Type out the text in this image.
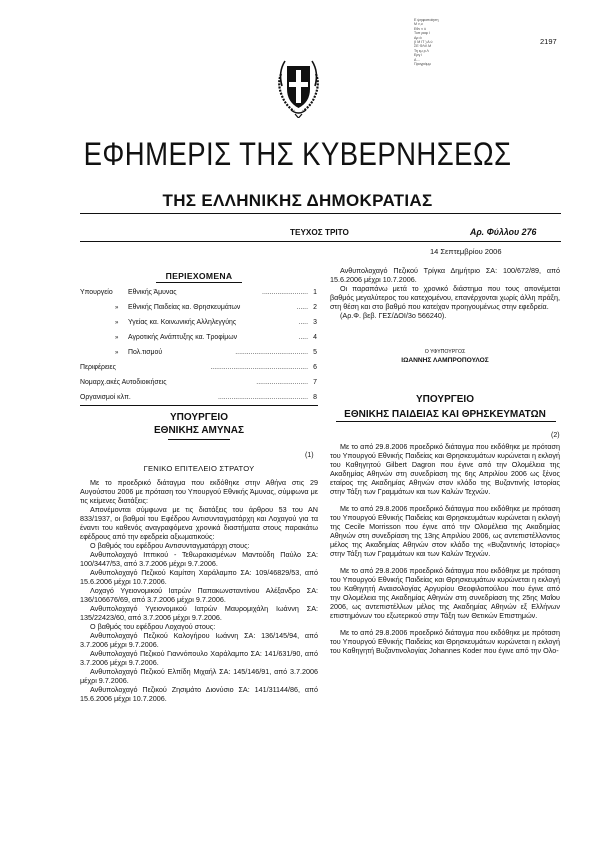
Ε ψηφιοποίηση
Μ ν,υ
Εθν ν ύ
Τυπ ραφ ί
Αρ ά
(Ι Μ ΙΤ ) Α ύ
ΣΕ ΦΛΛ Μ
Τη εμ ρ Λ
Εργ ί
Α ...
Προγράμμ
2197
ΕΦΗΜΕΡΙΣ ΤΗΣ ΚΥΒΕΡΝΗΣΕΩΣ
ΤΗΣ ΕΛΛΗΝΙΚΗΣ ΔΗΜΟΚΡΑΤΙΑΣ
ΤΕΥΧΟΣ ΤΡΙΤΟ	Αρ. Φύλλου 276
14 Σεπτεμβρίου 2006
ΠΕΡΙΕΧΟΜΕΝΑ
........................
Υπουργείο Εθνικής Άμυνας	1
......
» Εθνικής Παιδείας κα. Θρησκευμάτων	2
.....
» Υγείας κα. Κοινωνικής Αλληλεγγύης	3
.....
» Αγροτικής Ανάπτυξης κα. Τροφίμων	4
......................................
» Πολ.τισμού	5
...................................................
Περιφέρειες	6
...........................
Νομαρχ.ακές Αυτοδιοικήσεις	7
...............................................
Οργανισμοί κλπ.	8
ΥΠΟΥΡΓΕΙΟ
ΕΘΝΙΚΗΣ ΑΜΥΝΑΣ
(1)
ΓΕΝΙΚΟ ΕΠΙΤΕΛΕΙΟ ΣΤΡΑΤΟΥ

Με το προεδρικό διάταγμα που εκδόθηκε στην Αθήνα στις 29 Αυγούστου 2006 με πρόταση του Υπουργού Εθνικής Άμυνας, σύμφωνα με τις κείμενες διατάξεις:

Απονέμονται σύμφωνα με τις διατάξεις του άρθρου 53 του ΑΝ 833/1937, οι βαθμοί του Εφέδρου Αντισυνταγματάρχη και Λοχαγού για τα έναντι του καθενός αναγραφόμενα χρονικά διαστήματα στους παρακάτω εφέδρους από την εφεδρεία αξιωματικούς:

Ο βαθμός του εφέδρου Αντισυνταγματάρχη στους:

Ανθυπολοχαγό Ιππικού - Τεθωρακισμένων Μαντούδη Παύλο ΣΑ: 100/3447/53, από 3.7.2006 μέχρι 9.7.2006.

Ανθυπολοχαγό Πεζικού Καμίτση Χαράλαμπο ΣΑ: 109/46829/53, από 15.6.2006 μέχρι 10.7.2006.

Λοχαγό Υγειονομικού Ιατρών Παπακωνσταντίνου Αλέξανδρο ΣΑ: 136/106676/69, από 3.7.2006 μέχρι 9.7.2006.

Ανθυπολοχαγό Υγειονομικού Ιατρών Μαυρομιχάλη Ιωάννη ΣΑ: 135/22423/60, από 3.7.2006 μέχρι 9.7.2006.

Ο βαθμός του εφέδρου Λοχαγού στους:

Ανθυπολοχαγό Πεζικού Καλογήρου Ιωάννη ΣΑ: 136/145/94, από 3.7.2006 μέχρι 9.7.2006.

Ανθυπολοχαγό Πεζικού Γιαννόπουλο Χαράλαμπο ΣΑ: 141/631/90, από 3.7.2006 μέχρι 9.7.2006.

Ανθυπολοχαγό Πεζικού Ελπίδη Μιχαήλ ΣΑ: 145/146/91, από 3.7.2006 μέχρι 9.7.2006.

Ανθυπολοχαγό Πεζικού Ζησιμάτο Διονύσιο ΣΑ: 141/31144/86, από 15.6.2006 μέχρι 10.7.2006.

Ανθυπολοχαγό Πεζικού Τρίγκα Δημήτριο ΣΑ: 100/672/89, από 15.6.2006 μέχρι 10.7.2006.

Οι παραπάνω μετά το χρονικό διάστημα που τους απονέμεται βαθμός μεγαλύτερος του κατεχομένου, επανέρχονται χωρίς άλλη πράξη, στη θέση και στο βαθμό που κατείχαν προηγουμένως στην εφεδρεία.

(Αρ.Φ. βεβ. ΓΕΣ/ΔΟΙ/3ο 566240).

Ο ΥΦΥΠΟΥΡΓΟΣ
ΙΩΑΝΝΗΣ ΛΑΜΠΡΟΠΟΥΛΟΣ
ΥΠΟΥΡΓΕΙΟ
ΕΘΝΙΚΗΣ ΠΑΙΔΕΙΑΣ ΚΑΙ ΘΡΗΣΚΕΥΜΑΤΩΝ
(2)

Με το από 29.8.2006 προεδρικό διάταγμα που εκδόθηκε με πρόταση του Υπουργού Εθνικής Παιδείας και Θρησκευμάτων κυρώνεται η εκλογή του Καθηγητού Gilbert Dagron που έγινε από την Ολομέλεια της Ακαδημίας Αθηνών στη συνεδρίαση της 6ης Απριλίου 2006 ως ξένος εταίρος της Ακαδημίας Αθηνών στον κλάδο της Βυζαντινής Ιστορίας στην Τάξη των Γραμμάτων και των Καλών Τεχνών.

Με το από 29.8.2006 προεδρικό διάταγμα που εκδόθηκε με πρόταση του Υπουργού Εθνικής Παιδείας και Θρησκευμάτων κυρώνεται η εκλογή της Cecile Morrisson που έγινε από την Ολομέλεια της Ακαδημίας Αθηνών στη συνεδρίαση της 13ης Απριλίου 2006, ως αντεπιστέλλοντος μέλος της Ακαδημίας Αθηνών στον κλάδο της «Βυζαντινής Ιστορίας» στην Τάξη των Γραμμάτων και των Καλών Τεχνών.

Με το από 29.8.2006 προεδρικό διάταγμα που εκδόθηκε με πρόταση του Υπουργού Εθνικής Παιδείας και Θρησκευμάτων κυρώνεται η εκλογή του Καθηγητή Αναισολογίας Αργυρίου Θεοφιλοπούλου που έγινε από την Ολομέλεια της Ακαδημίας Αθηνών στη συνεδρίαση της 25ης Μαΐου 2006, ως αντεπιστέλλων μέλος της Ακαδημίας Αθηνών εξ Ελλήνων επιστημόνων του εξωτερικού στην Τάξη των Θετικών Επιστημών.

Με το από 29.8.2006 προεδρικό διάταγμα που εκδόθηκε με πρόταση του Υπουργού Εθνικής Παιδείας και Θρησκευμάτων κυρώνεται η εκλογή του Καθηγητή Βυζαντινολογίας Johannes Koder που έγινε από την Ολο-
